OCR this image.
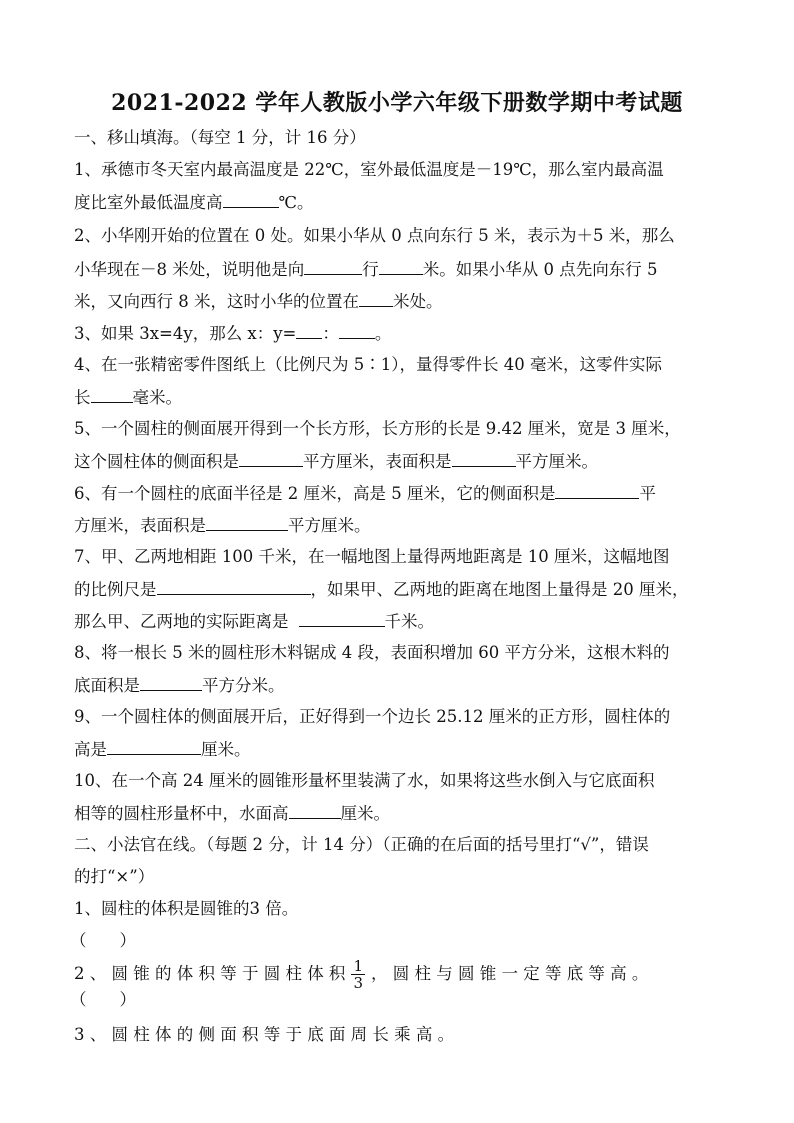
2021-2022 学年人教版小学六年级下册数学期中考试题
一、移山填海。（每空 1 分，计 16 分）
1、承德市冬天室内最高温度是 22℃，室外最低温度是－19℃，那么室内最高温
度比室外最低温度高	℃。
2、小华刚开始的位置在 0 处。如果小华从 0 点向东行 5 米，表示为＋5 米，那么
小华现在－8 米处，说明他是向	行	米。如果小华从 0 点先向东行 5
米，又向西行 8 米，这时小华的位置在 米处。
3、如果 3x=4y，那么 x：y= ： 。
4、在一张精密零件图纸上（比例尺为 5∶1），量得零件长 40 毫米，这零件实际
长	毫米。
5、一个圆柱的侧面展开得到一个长方形，长方形的长是 9.42 厘米，宽是 3 厘米，
这个圆柱体的侧面积是	平方厘米，表面积是	平方厘米。
6、有一个圆柱的底面半径是 2 厘米，高是 5 厘米，它的侧面积是	平
方厘米，表面积是	平方厘米。
7、甲、乙两地相距 100 千米，在一幅地图上量得两地距离是 10 厘米，这幅地图
的比例尺是	，如果甲、乙两地的距离在地图上量得是 20 厘米，
那么甲、乙两地的实际距离是	千米。
8、将一根长 5 米的圆柱形木料锯成 4 段，表面积增加 60 平方分米，这根木料的
底面积是	平方分米。
9、一个圆柱体的侧面展开后，正好得到一个边长 25.12 厘米的正方形，圆柱体的
高是	厘米。
10、在一个高 24 厘米的圆锥形量杯里装满了水，如果将这些水倒入与它底面积
相等的圆柱形量杯中，水面高	厘米。
二、小法官在线。（每题 2 分，计 14 分）（正确的在后面的括号里打“√”，错误
的打“×”）
1、圆柱的体积是圆锥的3 倍。
（　　）
2 、 圆 锥 的 体 积 等 于 圆 柱 体 积 $\frac{1}{3}$ ， 圆 柱 与 圆 锥 一 定 等 底 等 高 。
（　　）
3 、 圆 柱 体 的 侧 面 积 等 于 底 面 周 长 乘 高 。
